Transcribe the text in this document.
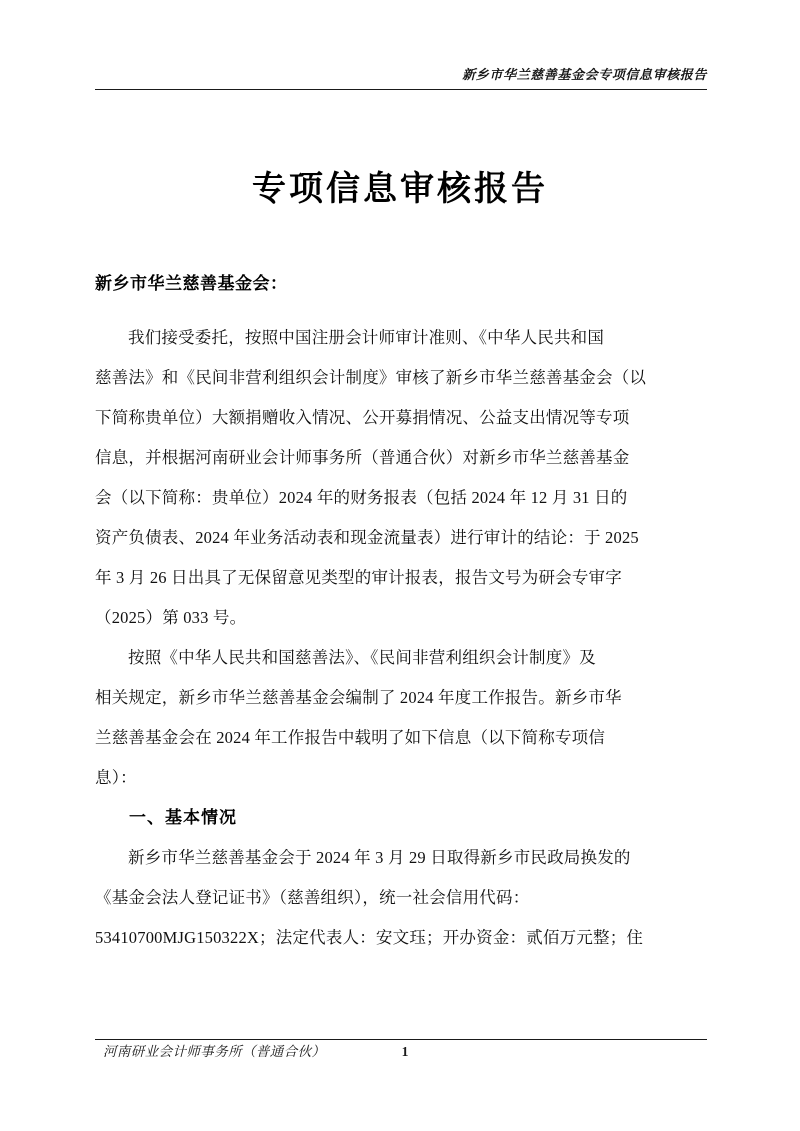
新乡市华兰慈善基金会专项信息审核报告
专项信息审核报告

新乡市华兰慈善基金会：

我们接受委托，按照中国注册会计师审计准则、《中华人民共和国
慈善法》和《民间非营利组织会计制度》审核了新乡市华兰慈善基金会（以
下简称贵单位）大额捐赠收入情况、公开募捐情况、公益支出情况等专项
信息，并根据河南研业会计师事务所（普通合伙）对新乡市华兰慈善基金
会（以下简称：贵单位）2024 年的财务报表（包括 2024 年 12 月 31 日的
资产负债表、2024 年业务活动表和现金流量表）进行审计的结论：于 2025
年 3 月 26 日出具了无保留意见类型的审计报表，报告文号为研会专审字
（2025）第 033 号。
按照《中华人民共和国慈善法》、《民间非营利组织会计制度》及
相关规定，新乡市华兰慈善基金会编制了 2024 年度工作报告。新乡市华
兰慈善基金会在 2024 年工作报告中载明了如下信息（以下简称专项信
息）：

一、基本情况

新乡市华兰慈善基金会于 2024 年 3 月 29 日取得新乡市民政局换发的
《基金会法人登记证书》（慈善组织），统一社会信用代码：
53410700MJG150322X；法定代表人：安文珏；开办资金：贰佰万元整；住
河南研业会计师事务所（普通合伙）	1
